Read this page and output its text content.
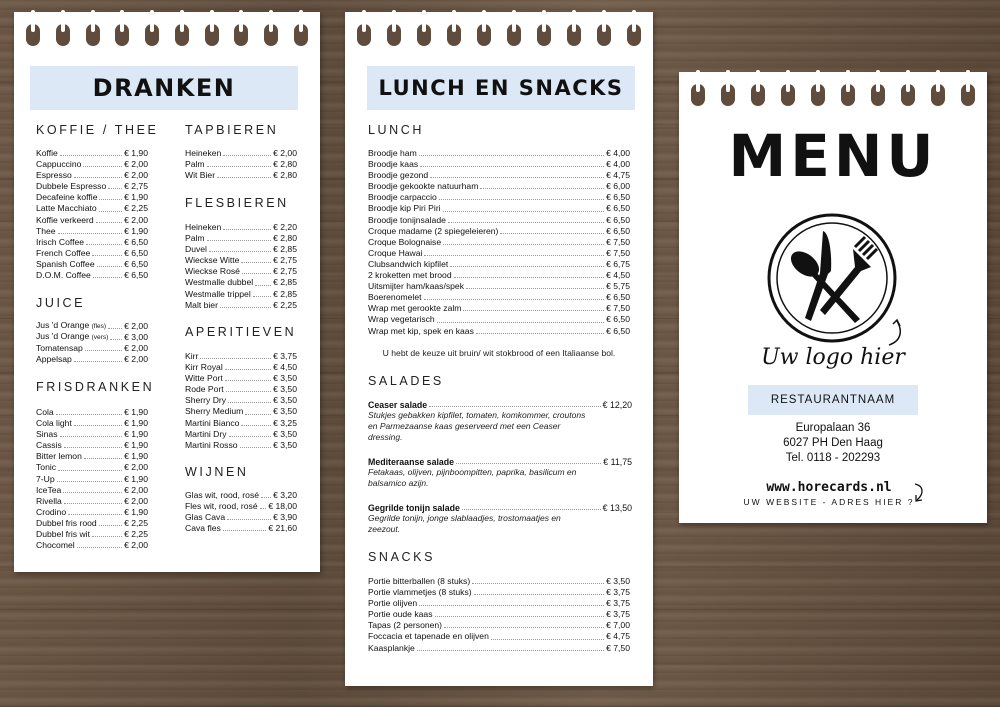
DRANKEN
KOFFIE / THEE
Koffie	€ 1,90
Cappuccino	€ 2,00
Espresso	€ 2,00
Dubbele Espresso € 2,75
Decafeine koffie	€ 1,90
Latte Macchiato	€ 2,25
Koffie verkeerd	€ 2,00
Thee	€ 1,90
Irisch Coffee	€ 6,50
French Coffee	€ 6,50
Spanish Coffee	€ 6,50
D.O.M. Coffee	€ 6,50
JUICE
Jus 'd Orange (fles) € 2,00
Jus 'd Orange (vers) € 3,00
Tomatensap	€ 2,00
Appelsap	€ 2,00
FRISDRANKEN
Cola	€ 1,90
Cola light	€ 1,90
Sinas	€ 1,90
Cassis	€ 1,90
Bitter lemon	€ 1,90
Tonic	€ 2,00
7-Up	€ 1,90
IceTea	€ 2,00
Rivella	€ 2,00
Crodino	€ 1,90
Dubbel fris rood	€ 2,25
Dubbel fris wit	€ 2,25
Chocomel	€ 2,00
TAPBIEREN
Heineken	€ 2,00
Palm	€ 2,80
Wit Bier	€ 2,80
FLESBIEREN
Heineken	€ 2,20
Palm	€ 2,80
Duvel	€ 2,85
Wieckse Witte	€ 2,75
Wieckse Rosé	€ 2,75
Westmalle dubbel € 2,85
Westmalle trippel	€ 2,85
Malt bier	€ 2,25
APERITIEVEN
Kirr	€ 3,75
Kirr Royal	€ 4,50
Witte Port	€ 3,50
Rode Port	€ 3,50
Sherry Dry	€ 3,50
Sherry Medium	€ 3,50
Martini Bianco	€ 3,25
Martini Dry	€ 3,50
Martini Rosso	€ 3,50
WIJNEN
Glas wit, rood, rosé € 3,20
Fles wit, rood, rosé € 18,00
Glas Cava	€ 3,90
Cava fles	€ 21,60
LUNCH EN SNACKS
LUNCH
Broodje ham	€ 4,00
Broodje kaas	€ 4,00
Broodje gezond	€ 4,75
Broodje gekookte natuurham	€ 6,00
Broodje carpaccio	€ 6,50
Broodje kip Piri Piri	€ 6,50
Broodje tonijnsalade	€ 6,50
Croque madame (2 spiegeleieren)	€ 6,50
Croque Bolognaise	€ 7,50
Croque Hawai	€ 7,50
Clubsandwich kipfilet	€ 6,75
2 kroketten met brood	€ 4,50
Uitsmijter ham/kaas/spek	€ 5,75
Boerenomelet	€ 6,50
Wrap met gerookte zalm	€ 7,50
Wrap vegetarisch	€ 6,50
Wrap met kip, spek en kaas	€ 6,50
U hebt de keuze uit bruin/ wit stokbrood of een Italiaanse bol.
SALADES
Ceaser salade	€ 12,20
Stukjes gebakken kipfilet, tomaten, komkommer, croutons en Parmezaanse kaas geserveerd met een Ceaser dressing.
Mediteraanse salade	€ 11,75
Fetakaas, olijven, pijnboompitten, paprika, basilicum en balsamico azijn.
Gegrilde tonijn salade	€ 13,50
Gegrilde tonijn, jonge slablaadjes, trostomaatjes en zeezout.
SNACKS
Portie bitterballen (8 stuks)	€ 3,50
Portie vlammetjes (8 stuks)	€ 3,75
Portie olijven	€ 3,75
Portie oude kaas	€ 3,75
Tapas (2 personen)	€ 7,00
Foccacia et tapenade en olijven	€ 4,75
Kaasplankje	€ 7,50
MENU
Uw logo hier
RESTAURANTNAAM
Europalaan 36
6027 PH Den Haag
Tel. 0118 - 202293
www.horecards.nl
UW WEBSITE - ADRES HIER ?
